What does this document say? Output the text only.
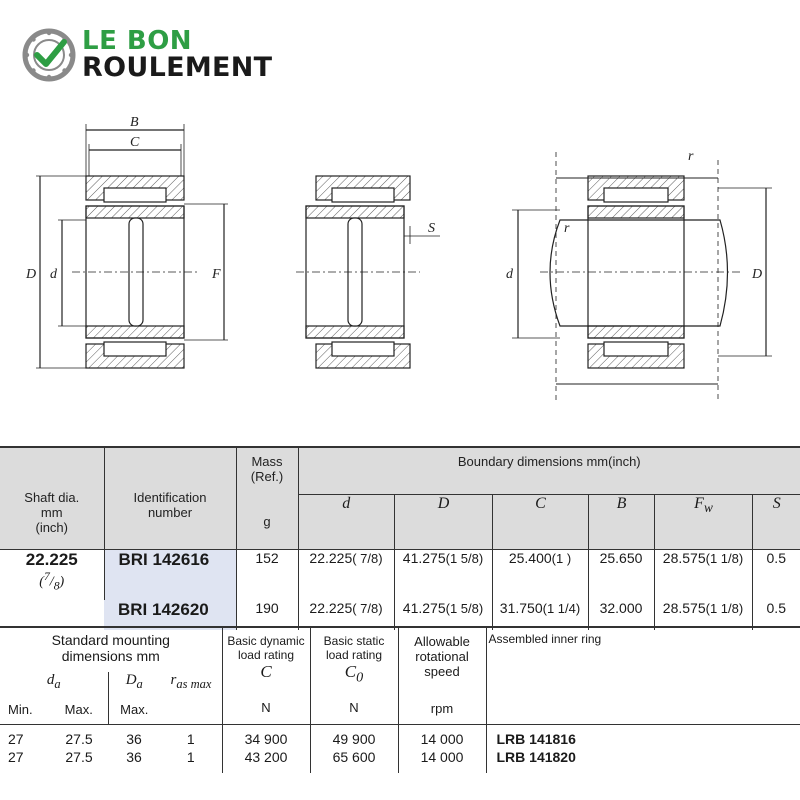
LE BON
ROULEMENT
B
C
D d	F
S
d	D
r
r
Shaft dia.
mm
(inch)

Identification
number

Mass
(Ref.)
g

Boundary dimensions mm(inch)
d	D	C	B	$F_w$	S

22.225
$(^7/_8)$
	BRI 142616	152	22.225( 7/8)	41.275(1 5/8)	25.400(1 )	25.650	28.575(1 1/8)	0.5
BRI 142620	190	22.225( 7/8)	41.275(1 5/8)	31.750(1 1/4)	32.000	28.575(1 1/8)	0.5
Standard mounting
dimensions mm
$d_a$	$D_a$	$r_{as max}$
Min.	Max.	Max.	

Basic dynamic
load rating
C
N

Basic static
load rating
$C_0$
N

Allowable
rotational
speed
rpm
	Assembled inner ring
27	27.5	36	1	34 900	49 900	14 000	LRB 141816
27	27.5	36	1	43 200	65 600	14 000	LRB 141820
